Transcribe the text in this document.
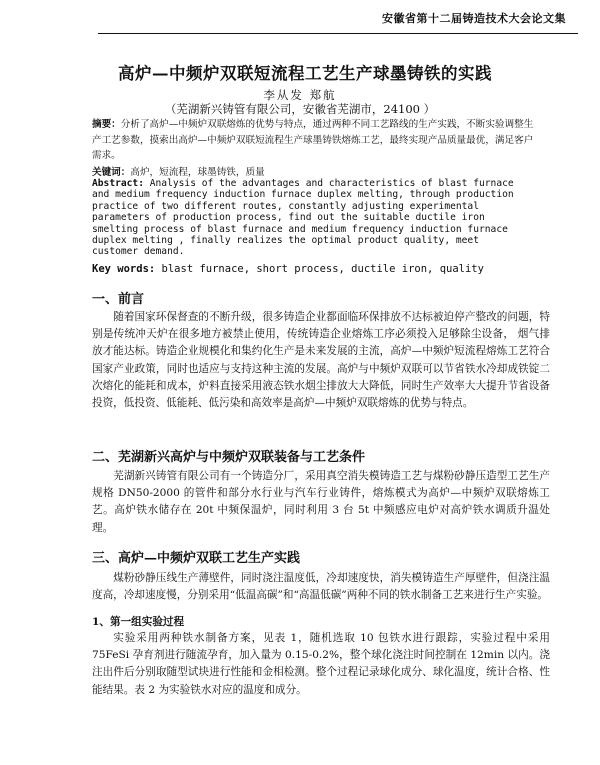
安徽省第十二届铸造技术大会论文集
高炉—中频炉双联短流程工艺生产球墨铸铁的实践
李从发 郑航
（芜湖新兴铸管有限公司，安徽省芜湖市，24100 ）
摘要：分析了高炉—中频炉双联熔炼的优势与特点，通过两种不同工艺路线的生产实践，不断实验调整生产工艺参数，摸索出高炉—中频炉双联短流程生产球墨铸铁熔炼工艺，最终实现产品质量最优，满足客户需求。
关键词：高炉，短流程，球墨铸铁，质量
Abstract: Analysis of the advantages and characteristics of blast furnace and medium frequency induction furnace duplex melting, through production practice of two different routes, constantly adjusting experimental parameters of production process, find out the suitable ductile iron smelting process of blast furnace and medium frequency induction furnace duplex melting , finally realizes the optimal product quality, meet customer demand.
Key words: blast furnace, short process, ductile iron, quality
一、前言
随着国家环保督查的不断升级，很多铸造企业都面临环保排放不达标被迫停产整改的问题，特别是传统冲天炉在很多地方被禁止使用，传统铸造企业熔炼工序必须投入足够除尘设备， 烟气排放才能达标。铸造企业规模化和集约化生产是未来发展的主流，高炉—中频炉短流程熔炼工艺符合国家产业政策，同时也适应与支持这种主流的发展。高炉与中频炉双联可以节省铁水冷却成铁锭二次熔化的能耗和成本，炉料直接采用液态铁水烟尘排放大大降低，同时生产效率大大提升节省设备投资，低投资、低能耗、低污染和高效率是高炉—中频炉双联熔炼的优势与特点。
二、芜湖新兴高炉与中频炉双联装备与工艺条件
芜湖新兴铸管有限公司有一个铸造分厂，采用真空消失模铸造工艺与煤粉砂静压造型工艺生产规格 DN50-2000 的管件和部分水行业与汽车行业铸件，熔炼模式为高炉—中频炉双联熔炼工艺。高炉铁水储存在 20t 中频保温炉，同时利用 3 台 5t 中频感应电炉对高炉铁水调质升温处理。
三、高炉—中频炉双联工艺生产实践
煤粉砂静压线生产薄壁件，同时浇注温度低，冷却速度快，消失模铸造生产厚壁件，但浇注温度高，冷却速度慢，分别采用“低温高碳”和“高温低碳”两种不同的铁水制备工艺来进行生产实验。
1、第一组实验过程
实验采用两种铁水制备方案，见表 1，随机选取 10 包铁水进行跟踪，实验过程中采用 75FeSi 孕育剂进行随流孕育，加入量为 0.15-0.2%，整个球化浇注时间控制在 12min 以内。浇注出件后分别取随型试块进行性能和金相检测。整个过程记录球化成分、球化温度，统计合格、性能结果。表 2 为实验铁水对应的温度和成分。
